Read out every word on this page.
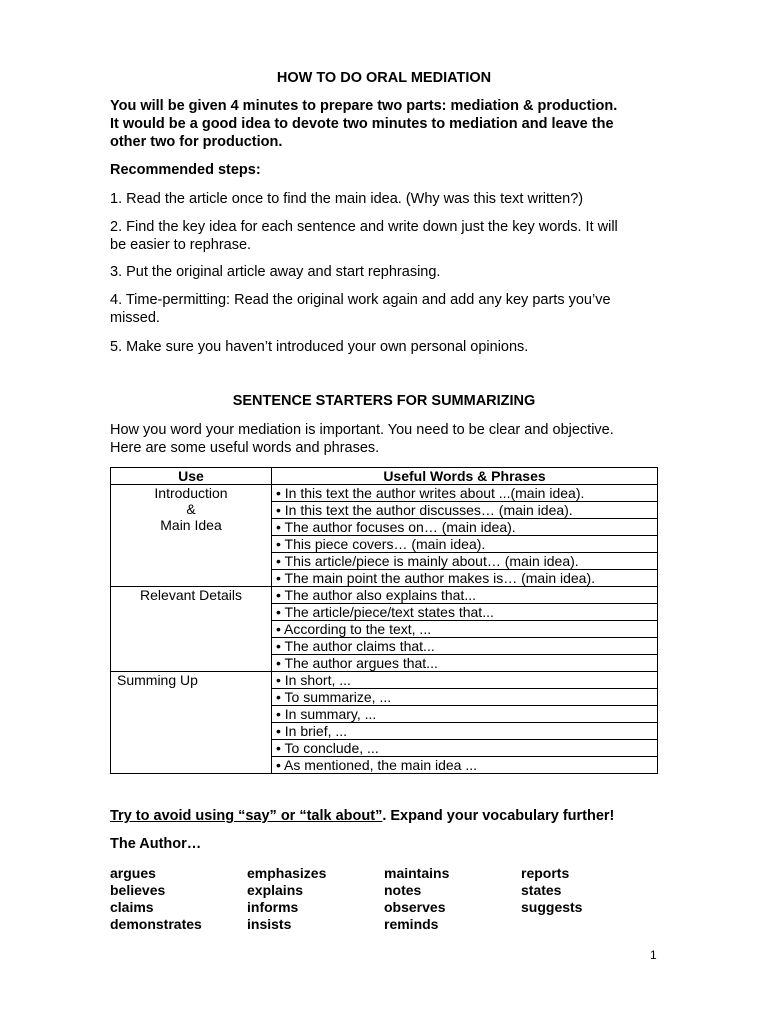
HOW TO DO ORAL MEDIATION

You will be given 4 minutes to prepare two parts: mediation & production.

It would be a good idea to devote two minutes to mediation and leave the

other two for production.

Recommended steps:

1. Read the article once to find the main idea. (Why was this text written?)

2. Find the key idea for each sentence and write down just the key words. It will

be easier to rephrase.

3. Put the original article away and start rephrasing.

4. Time-permitting: Read the original work again and add any key parts you’ve

missed.

5. Make sure you haven’t introduced your own personal opinions.

SENTENCE STARTERS FOR SUMMARIZING

How you word your mediation is important. You need to be clear and objective.

Here are some useful words and phrases.

Use	Useful Words & Phrases

Introduction
&
Main Idea	• In this text the author writes about ...(main idea).
	• In this text the author discusses… (main idea).
	• The author focuses on… (main idea).
	• This piece covers… (main idea).
	• This article/piece is mainly about… (main idea).
	• The main point the author makes is… (main idea).

Relevant Details	• The author also explains that...
	• The article/piece/text states that...
	• According to the text, ...
	• The author claims that...
	• The author argues that...

Summing Up	• In short, ...
	• To summarize, ...
	• In summary, ...
	• In brief, ...
	• To conclude, ...
	• As mentioned, the main idea ...

Try to avoid using “say” or “talk about”. Expand your vocabulary further!

The Author…

argues	emphasizes	maintains	reports
believes	explains	notes	states
claims	informs	observes	suggests
demonstrates	insists	reminds

1
